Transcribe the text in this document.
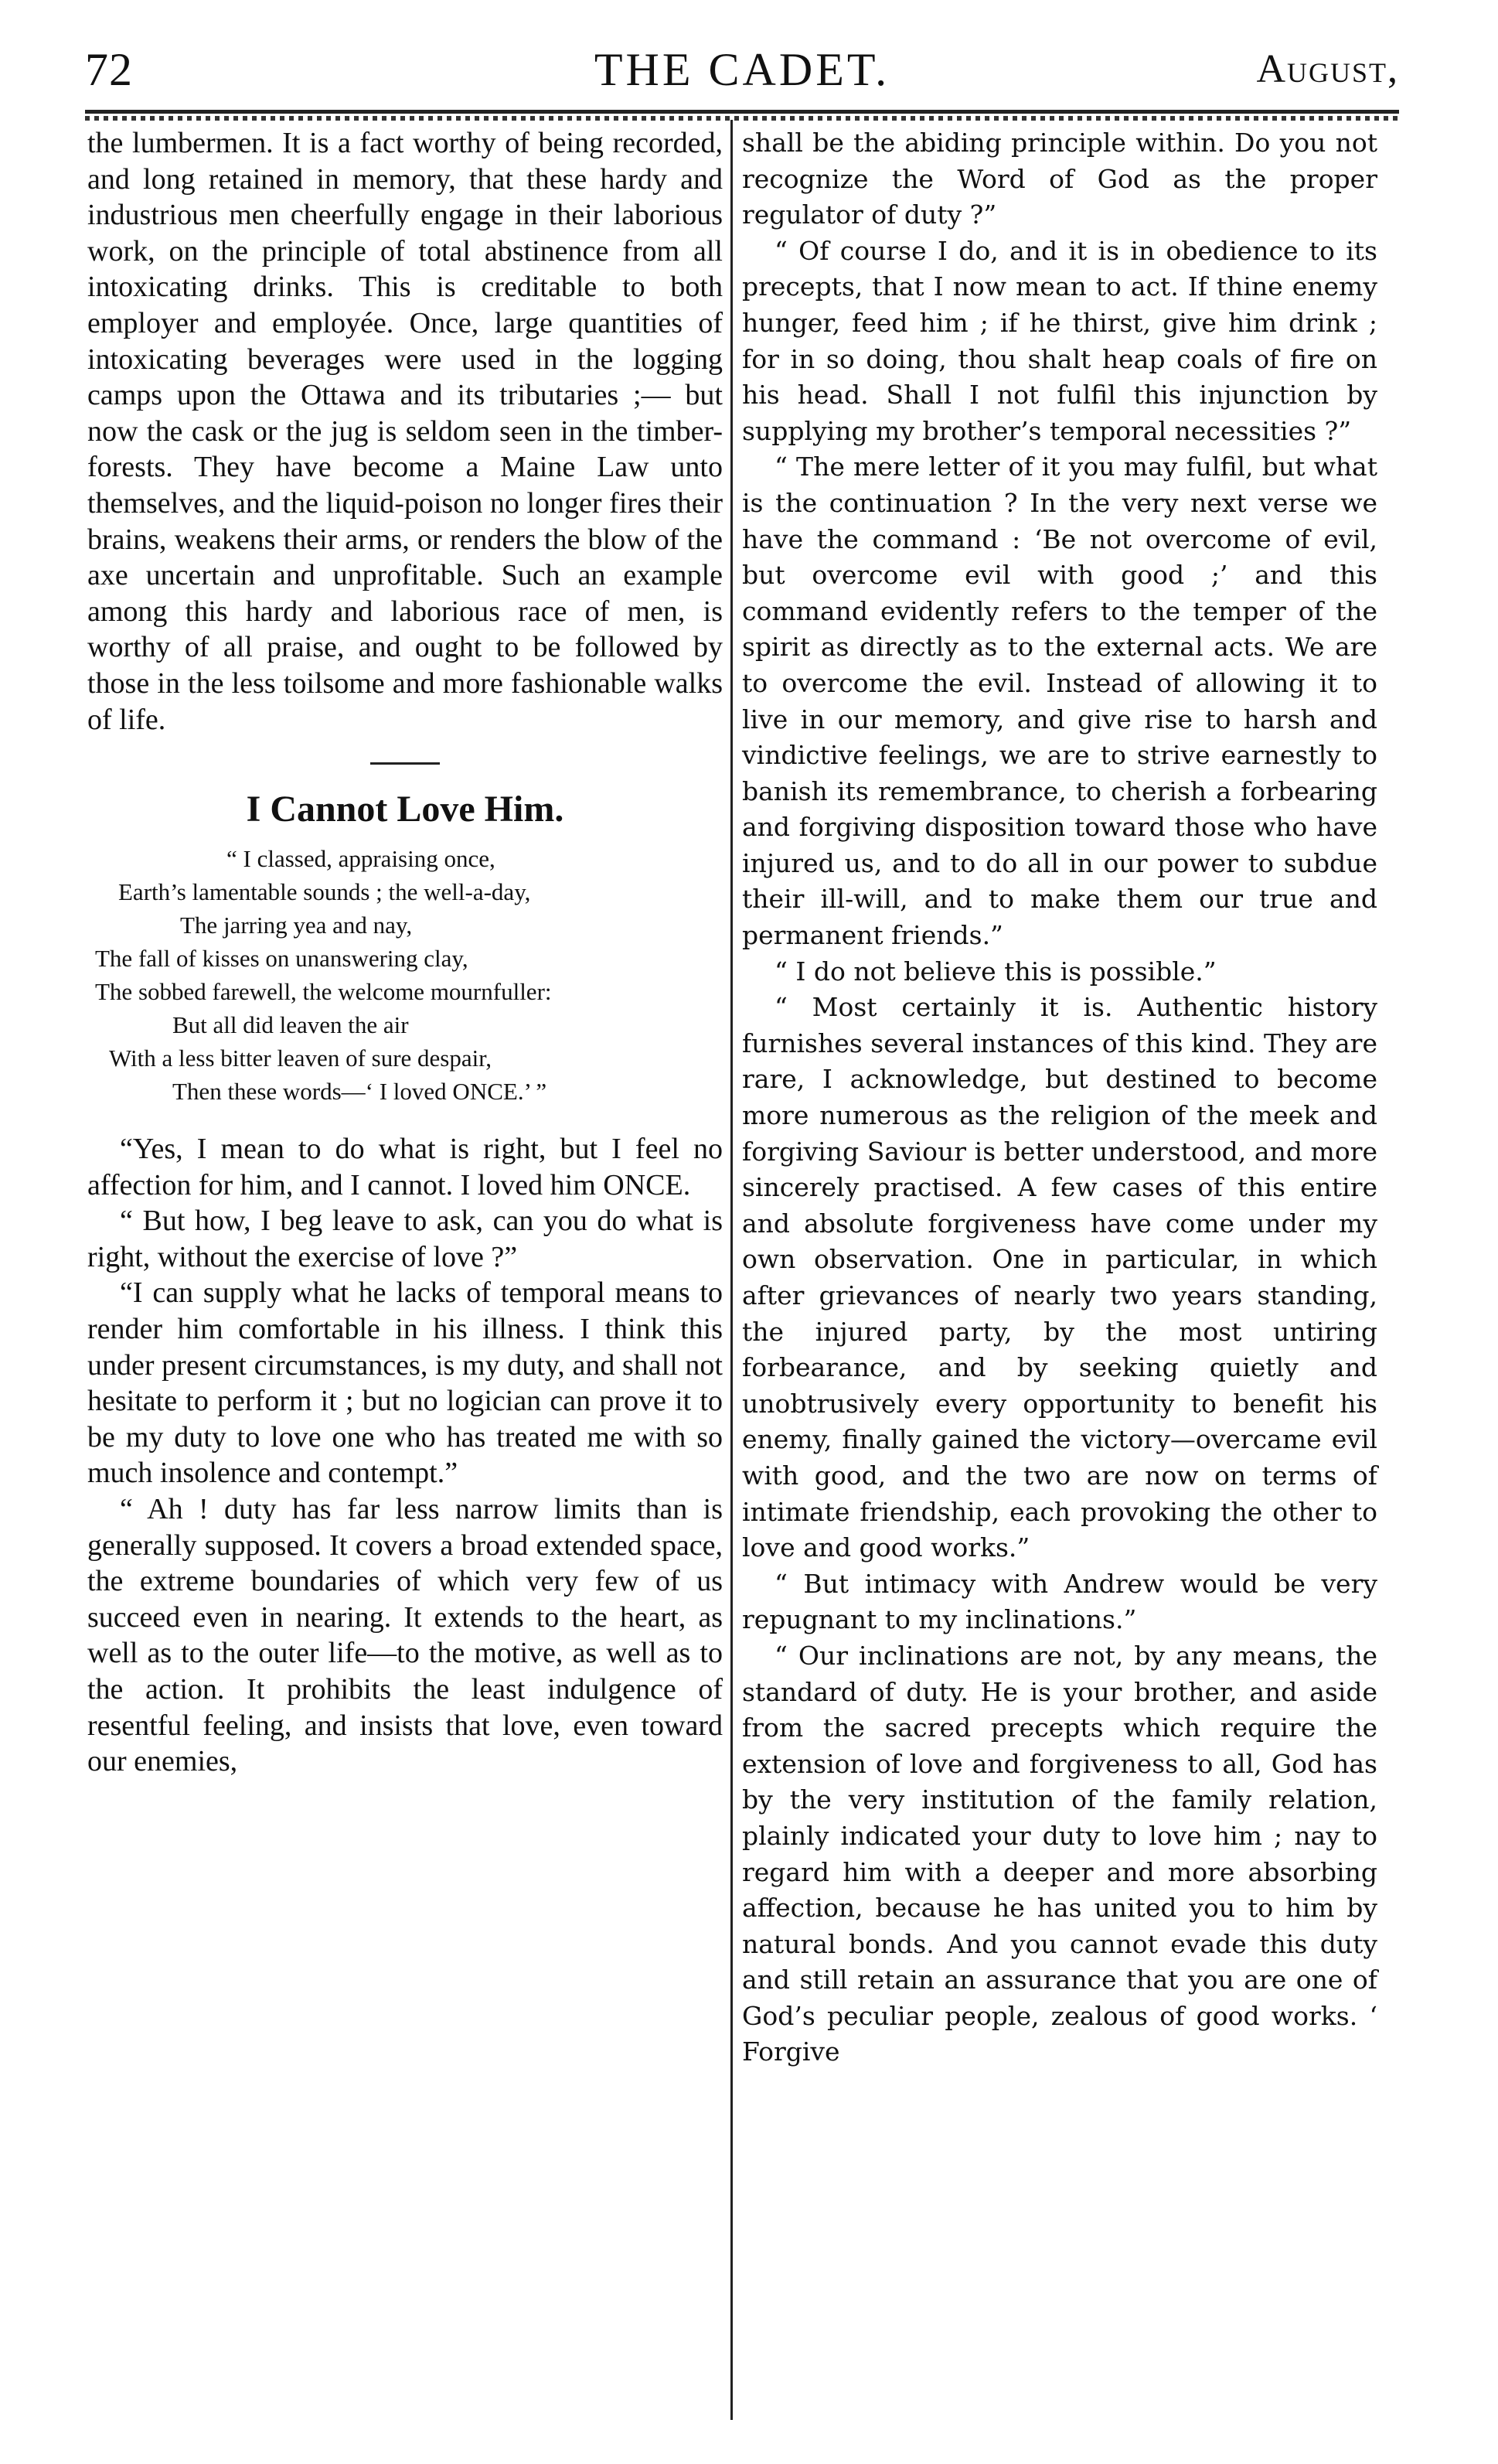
72	THE CADET.	August,

the lumbermen. It is a fact worthy of being recorded, and long retained in memory, that these hardy and industrious men cheerfully engage in their laborious work, on the principle of total abstinence from all intoxicating drinks. This is creditable to both employer and employée. Once, large quantities of intoxicating beverages were used in the logging camps upon the Ottawa and its tributaries ;— but now the cask or the jug is seldom seen in the timber-forests. They have become a Maine Law unto themselves, and the liquid-poison no longer fires their brains, weakens their arms, or renders the blow of the axe uncertain and unprofitable. Such an example among this hardy and laborious race of men, is worthy of all praise, and ought to be followed by those in the less toilsome and more fashionable walks of life.

I Cannot Love Him.
“ I classed, appraising once,
Earth’s lamentable sounds ; the well-a-day,
The jarring yea and nay,
The fall of kisses on unanswering clay,
The sobbed farewell, the welcome mournfuller:
But all did leaven the air
With a less bitter leaven of sure despair,
Then these words—‘ I loved ONCE.’ ”

“Yes, I mean to do what is right, but I feel no affection for him, and I cannot. I loved him ONCE.

“ But how, I beg leave to ask, can you do what is right, without the exercise of love ?”

“I can supply what he lacks of temporal means to render him comfortable in his illness. I think this under present circumstances, is my duty, and shall not hesitate to perform it ; but no logician can prove it to be my duty to love one who has treated me with so much insolence and contempt.”

“ Ah ! duty has far less narrow limits than is generally supposed. It covers a broad extended space, the extreme boundaries of which very few of us succeed even in nearing. It extends to the heart, as well as to the outer life—to the motive, as well as to the action. It prohibits the least indulgence of resentful feeling, and insists that love, even toward our enemies,

shall be the abiding principle within. Do you not recognize the Word of God as the proper regulator of duty ?”

“ Of course I do, and it is in obedience to its precepts, that I now mean to act. If thine enemy hunger, feed him ; if he thirst, give him drink ; for in so doing, thou shalt heap coals of fire on his head. Shall I not fulfil this injunction by supplying my brother’s temporal necessities ?”

“ The mere letter of it you may fulfil, but what is the continuation ? In the very next verse we have the command : ‘Be not overcome of evil, but overcome evil with good ;’ and this command evidently refers to the temper of the spirit as directly as to the external acts. We are to overcome the evil. Instead of allowing it to live in our memory, and give rise to harsh and vindictive feelings, we are to strive earnestly to banish its remembrance, to cherish a forbearing and forgiving disposition toward those who have injured us, and to do all in our power to subdue their ill-will, and to make them our true and permanent friends.”

“ I do not believe this is possible.”

“ Most certainly it is. Authentic history furnishes several instances of this kind. They are rare, I acknowledge, but destined to become more numerous as the religion of the meek and forgiving Saviour is better understood, and more sincerely practised. A few cases of this entire and absolute forgiveness have come under my own observation. One in particular, in which after grievances of nearly two years standing, the injured party, by the most untiring forbearance, and by seeking quietly and unobtrusively every opportunity to benefit his enemy, finally gained the victory—overcame evil with good, and the two are now on terms of intimate friendship, each provoking the other to love and good works.”

“ But intimacy with Andrew would be very repugnant to my inclinations.”

“ Our inclinations are not, by any means, the standard of duty. He is your brother, and aside from the sacred precepts which require the extension of love and forgiveness to all, God has by the very institution of the family relation, plainly indicated your duty to love him ; nay to regard him with a deeper and more absorbing affection, because he has united you to him by natural bonds. And you cannot evade this duty and still retain an assurance that you are one of God’s peculiar people, zealous of good works. ‘ Forgive
